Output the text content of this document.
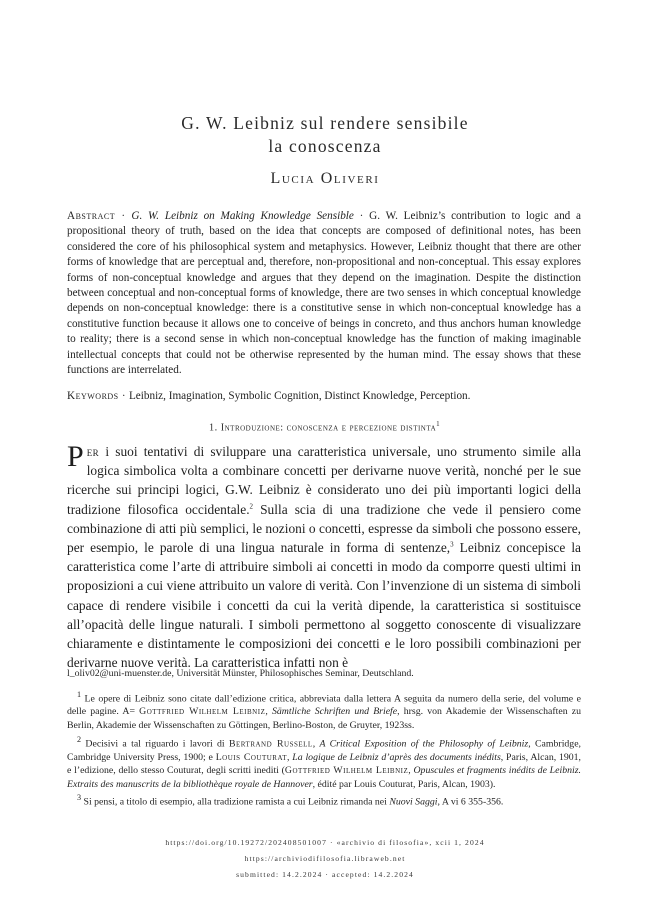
G. W. Leibniz sul rendere sensibile
la conoscenza
Lucia Oliveri
Abstract · G. W. Leibniz on Making Knowledge Sensible · G. W. Leibniz’s contribution to logic and a propositional theory of truth, based on the idea that concepts are composed of definitional notes, has been considered the core of his philosophical system and metaphysics. However, Leibniz thought that there are other forms of knowledge that are perceptual and, therefore, non-propositional and non-conceptual. This essay explores forms of non-conceptual knowledge and argues that they depend on the imagination. Despite the distinction between conceptual and non-conceptual forms of knowledge, there are two senses in which conceptual knowledge depends on non-conceptual knowledge: there is a constitutive sense in which non-conceptual knowledge has a constitutive function because it allows one to conceive of beings in concreto, and thus anchors human knowledge to reality; there is a second sense in which non-conceptual knowledge has the function of making imaginable intellectual concepts that could not be otherwise represented by the human mind. The essay shows that these functions are interrelated.
Keywords · Leibniz, Imagination, Symbolic Cognition, Distinct Knowledge, Perception.
1. Introduzione: conoscenza e percezione distinta$^1$
Per i suoi tentativi di sviluppare una caratteristica universale, uno strumento simile alla logica simbolica volta a combinare concetti per derivarne nuove verità, nonché per le sue ricerche sui principi logici, G.W. Leibniz è considerato uno dei più importanti logici della tradizione filosofica occidentale.$^2$ Sulla scia di una tradizione che vede il pensiero come combinazione di atti più semplici, le nozioni o concetti, espresse da simboli che possono essere, per esempio, le parole di una lingua naturale in forma di sentenze,$^3$ Leibniz concepisce la caratteristica come l’arte di attribuire simboli ai concetti in modo da comporre questi ultimi in proposizioni a cui viene attribuito un valore di verità. Con l’invenzione di un sistema di simboli capace di rendere visibile i concetti da cui la verità dipende, la caratteristica si sostituisce all’opacità delle lingue naturali. I simboli permettono al soggetto conoscente di visualizzare chiaramente e distintamente le composizioni dei concetti e le loro possibili combinazioni per derivarne nuove verità. La caratteristica infatti non è
l_oliv02@uni-muenster.de, Universität Münster, Philosophisches Seminar, Deutschland.
$^1$ Le opere di Leibniz sono citate dall’edizione critica, abbreviata dalla lettera A seguita da numero della serie, del volume e delle pagine. A= Gottfried Wilhelm Leibniz, Sämtliche Schriften und Briefe, hrsg. von Akademie der Wissenschaften zu Berlin, Akademie der Wissenschaften zu Göttingen, Berlino-Boston, de Gruyter, 1923ss.
$^2$ Decisivi a tal riguardo i lavori di Bertrand Russell, A Critical Exposition of the Philosophy of Leibniz, Cambridge, Cambridge University Press, 1900; e Louis Couturat, La logique de Leibniz d’après des documents inédits, Paris, Alcan, 1901, e l’edizione, dello stesso Couturat, degli scritti inediti (Gottfried Wilhelm Leibniz, Opuscules et fragments inédits de Leibniz. Extraits des manuscrits de la bibliothèque royale de Hannover, édité par Louis Couturat, Paris, Alcan, 1903).
$^3$ Si pensi, a titolo di esempio, alla tradizione ramista a cui Leibniz rimanda nei Nuovi Saggi, A vi 6 355-356.
https://doi.org/10.19272/202408501007 · «archivio di filosofia», xcii 1, 2024
https://archiviodifilosofia.libraweb.net
submitted: 14.2.2024 · accepted: 14.2.2024
